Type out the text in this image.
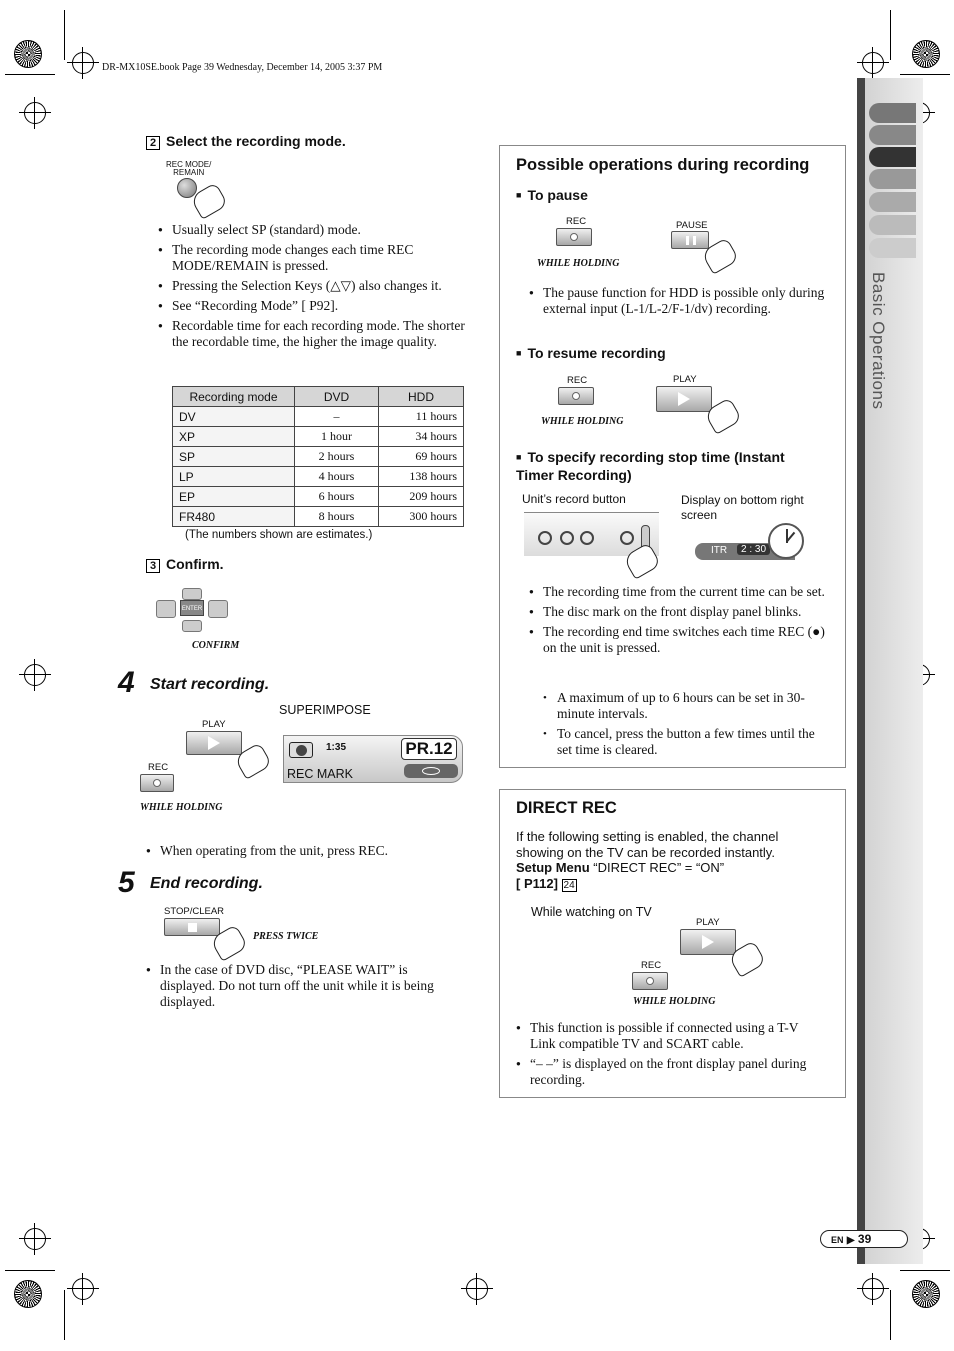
DR-MX10SE.book Page 39 Wednesday, December 14, 2005 3:37 PM
Basic Operations
2 Select the recording mode.
REC MODE/
REMAIN
● Usually select SP (standard) mode.
● The recording mode changes each time REC MODE/REMAIN is pressed.
● Pressing the Selection Keys (△▽) also changes it.
● See “Recording Mode” [ P92].
● Recordable time for each recording mode. The shorter the recordable time, the higher the image quality.
Recording mode	DVD	HDD
DV	–	11 hours
XP	1 hour	34 hours
SP	2 hours	69 hours
LP	4 hours	138 hours
EP	6 hours	209 hours
FR480	8 hours	300 hours
(The numbers shown are estimates.)
3 Confirm.
ENTER
CONFIRM
4 Start recording.
PLAY
REC
WHILE HOLDING
SUPERIMPOSE
1:35	PR.12
REC MARK
● When operating from the unit, press REC.
5 End recording.
STOP/CLEAR
PRESS TWICE
● In the case of DVD disc, “PLEASE WAIT” is displayed. Do not turn off the unit while it is being displayed.
Possible operations during recording
■ To pause
REC
WHILE HOLDING
PAUSE
● The pause function for HDD is possible only during external input (L-1/L-2/F-1/dv) recording.
■ To resume recording
REC
WHILE HOLDING
PLAY
■ To specify recording stop time (Instant Timer Recording)
Unit’s record button	Display on bottom right screen
ITR	2 : 30
● The recording time from the current time can be set.
● The disc mark on the front display panel blinks.
● The recording end time switches each time REC (●) on the unit is pressed.
• A maximum of up to 6 hours can be set in 30-minute intervals.
• To cancel, press the button a few times until the set time is cleared.
DIRECT REC
If the following setting is enabled, the channel showing on the TV can be recorded instantly.
Setup Menu “DIRECT REC” = “ON”
[ P112] 24
While watching on TV
PLAY
REC
WHILE HOLDING
● This function is possible if connected using a T-V Link compatible TV and SCART cable.
● “– –” is displayed on the front display panel during recording.
EN ▶ 39
